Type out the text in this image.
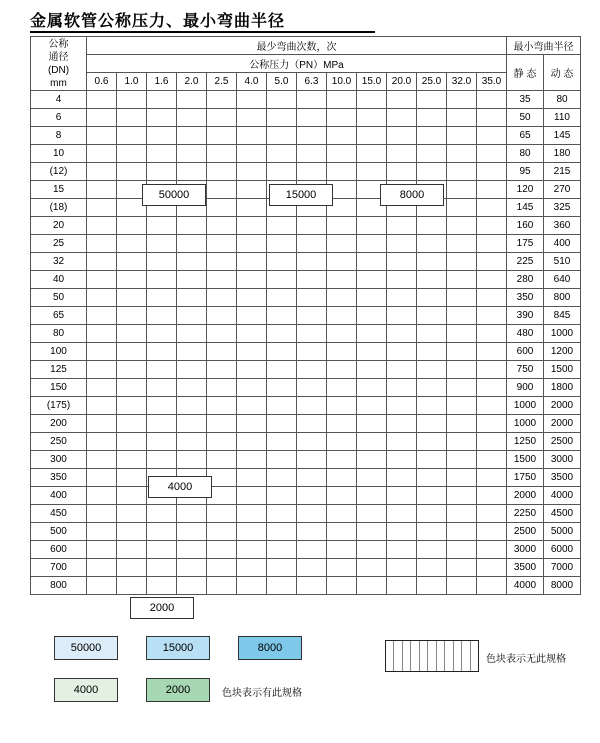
金属软管公称压力、最小弯曲半径
公称
通径
(DN)
mm	最少弯曲次数，次														最小弯曲半径	
	公称压力（PN）MPa														静 态	动 态
	0.6	1.0	1.6	2.0	2.5	4.0	5.0	6.3	10.0	15.0	20.0	25.0	32.0	35.0		
4															35	80
6															50	110
8															65	145
10															80	180
(12)															95	215
15															120	270
(18)															145	325
20															160	360
25															175	400
32															225	510
40															280	640
50															350	800
65															390	845
80															480	1000
100															600	1200
125															750	1500
150															900	1800
(175)															1000	2000
200															1000	2000
250															1250	2500
300															1500	3000
350															1750	3500
400															2000	4000
450															2250	4500
500															2500	5000
600															3000	6000
700															3500	7000
800															4000	8000
50000	15000	8000
4000	2000	色块表示有此规格
色块表示无此规格
50000	15000	8000
4000
2000
